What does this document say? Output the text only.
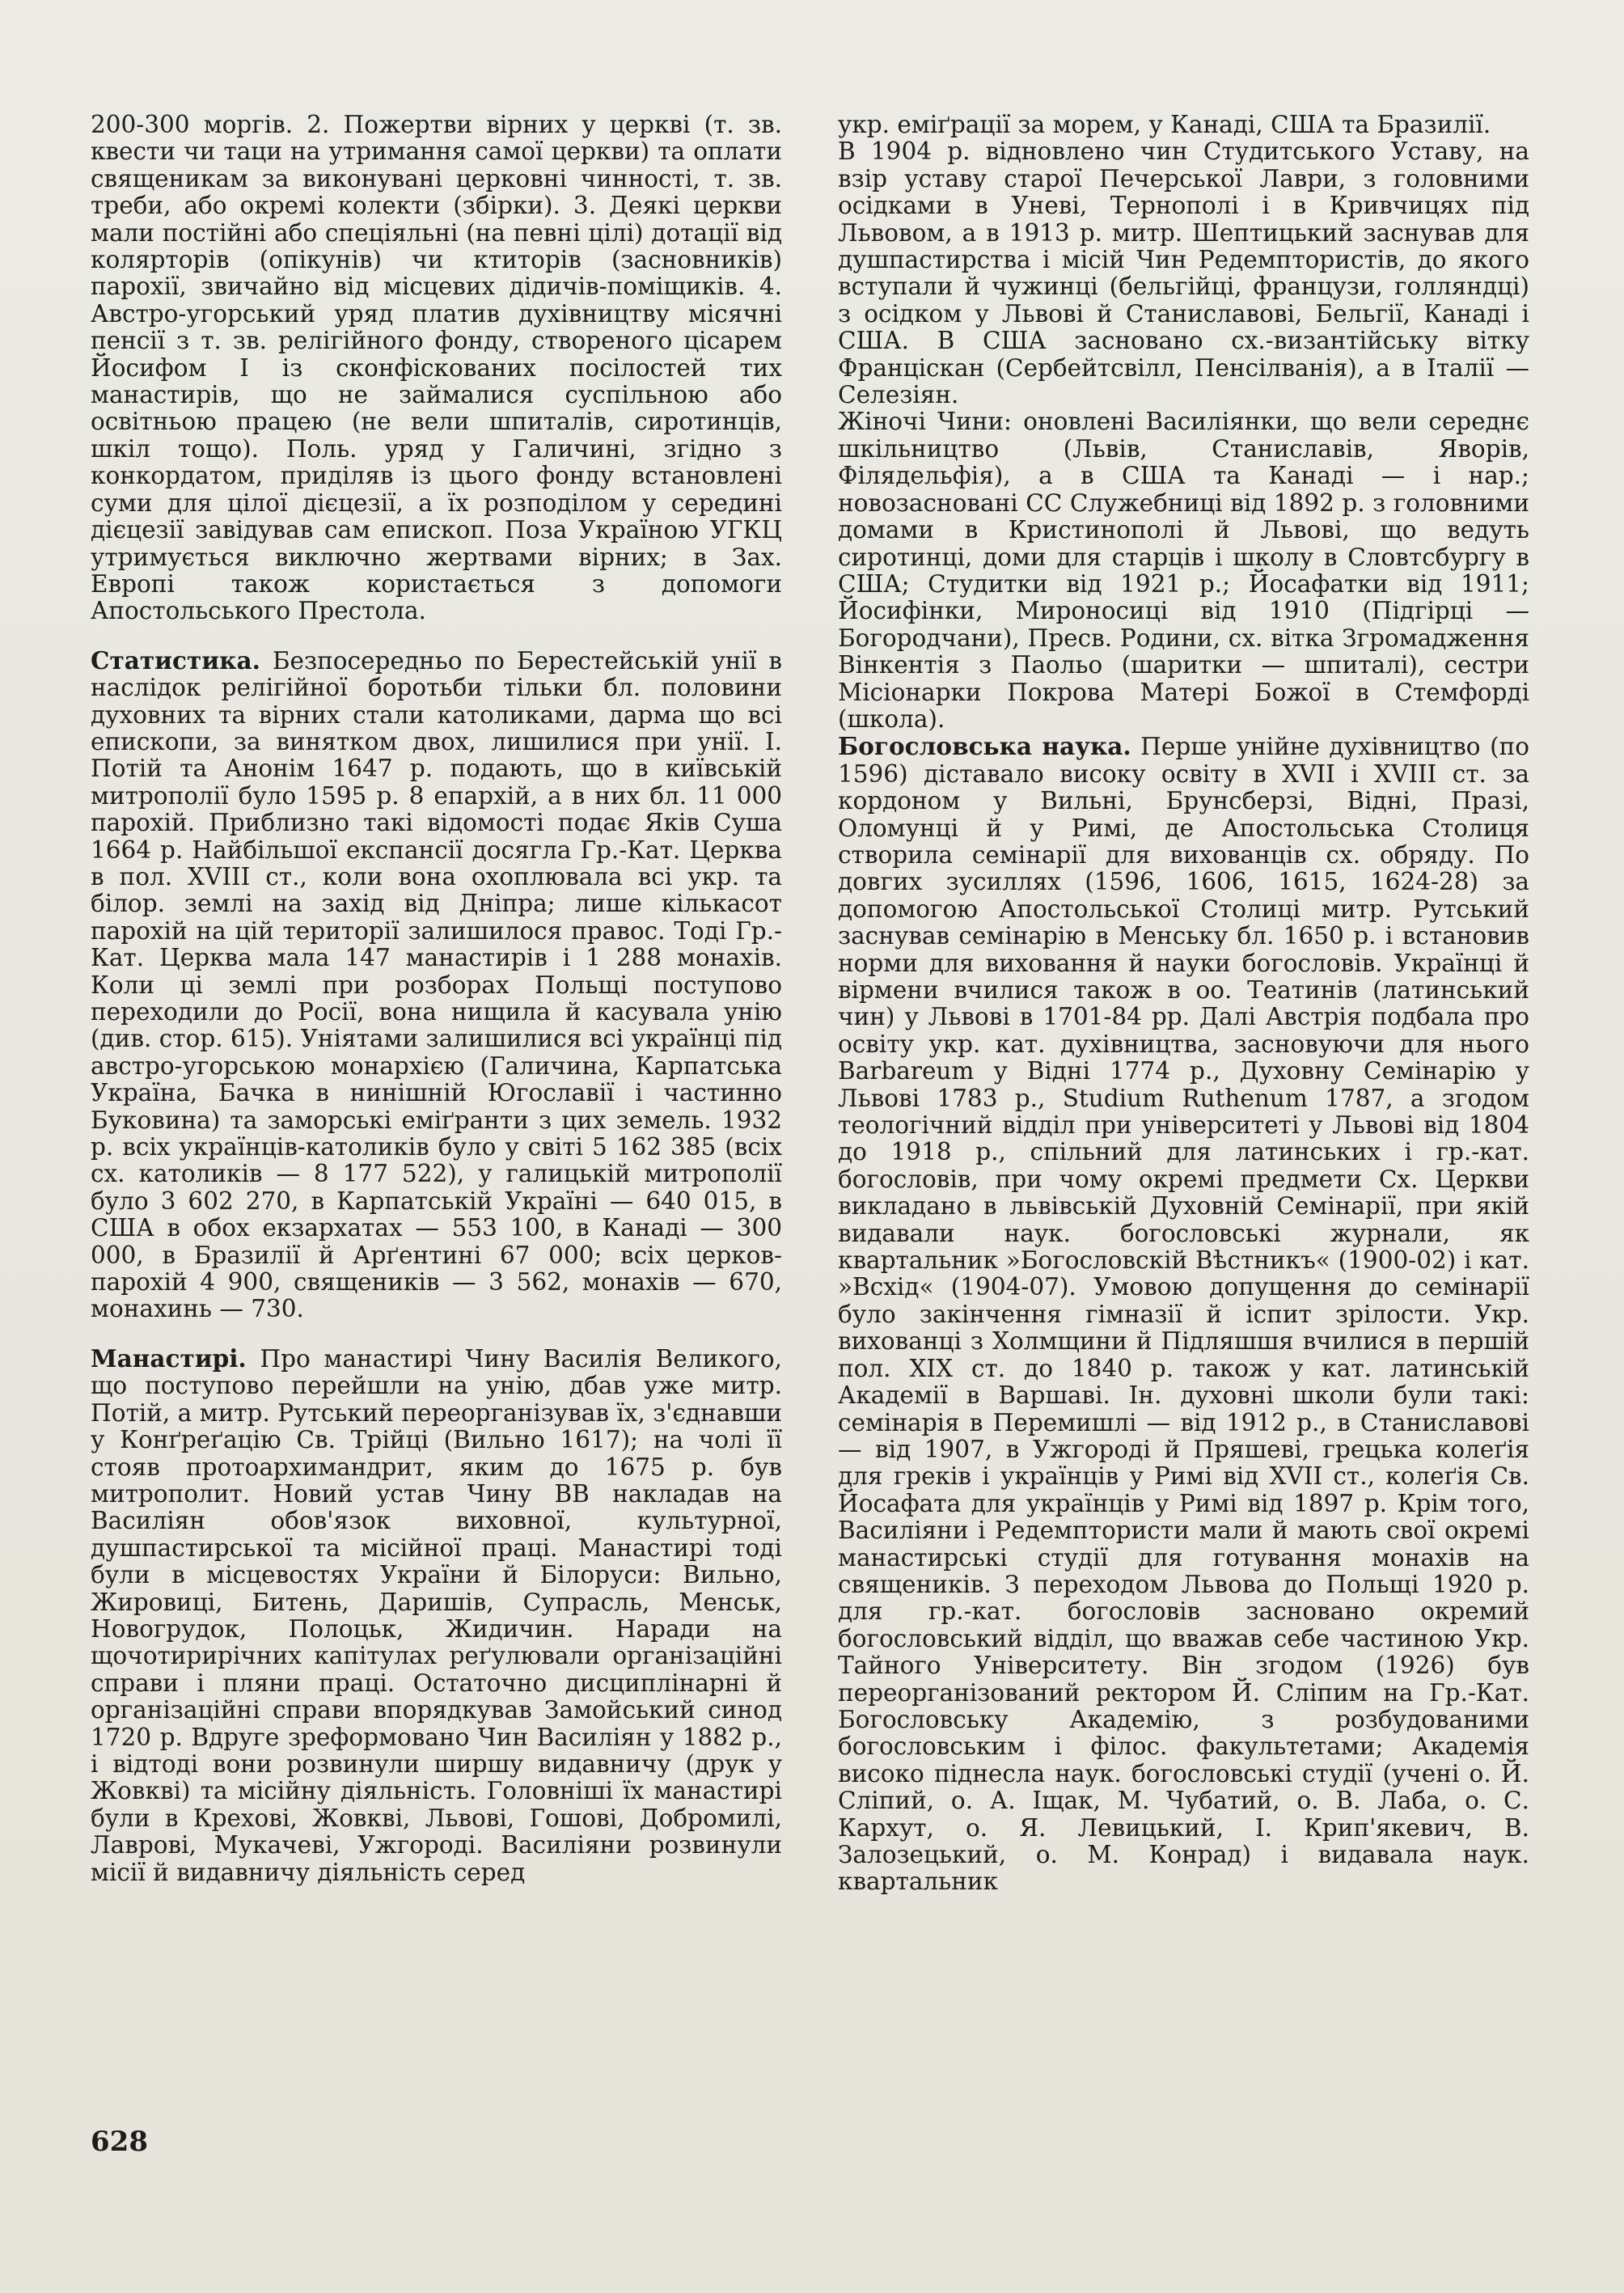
200-300 моргів. 2. Пожертви вірних у церкві (т. зв. квести чи таци на утримання самої церкви) та оплати священикам за виконувані церковні чинності, т. зв. треби, або окремі колекти (збірки). 3. Деякі церкви мали постійні або спеціяльні (на певні цілі) дотації від колярторів (опікунів) чи ктиторів (засновників) парохії, звичайно від місцевих дідичів-поміщиків. 4. Австро-угорський уряд платив духівництву місячні пенсії з т. зв. релігійного фонду, створеного цісарем Йосифом I із сконфіскованих посілостей тих манастирів, що не займалися суспільною або освітньою працею (не вели шпиталів, сиротинців, шкіл тощо). Поль. уряд у Галичині, згідно з конкордатом, приділяв із цього фонду встановлені суми для цілої дієцезії, а їх розподілом у середині дієцезії завідував сам епископ. Поза Україною УГКЦ утримується виключно жертвами вірних; в Зах. Европі також користається з допомоги Апостольського Престола.

Статистика. Безпосередньо по Берестейській унії в наслідок релігійної боротьби тільки бл. половини духовних та вірних стали католиками, дарма що всі епископи, за винятком двох, лишилися при унії. I. Потій та Анонім 1647 р. подають, що в київській митрополії було 1595 р. 8 епархій, а в них бл. 11 000 парохій. Приблизно такі відомості подає Яків Суша 1664 р. Найбільшої експансії досягла Гр.-Кат. Церква в пол. XVIII ст., коли вона охоплювала всі укр. та білор. землі на захід від Дніпра; лише кількасот парохій на цій території залишилося правос. Тоді Гр.-Кат. Церква мала 147 манастирів і 1 288 монахів. Коли ці землі при розборах Польщі поступово переходили до Росії, вона нищила й касувала унію (див. стор. 615). Уніятами залишилися всі українці під австро-угорською монархією (Галичина, Карпатська Україна, Бачка в нинішній Югославії і частинно Буковина) та заморські еміґранти з цих земель. 1932 р. всіх українців-католиків було у світі 5 162 385 (всіх сх. католиків — 8 177 522), у галицькій митрополії було 3 602 270, в Карпатській Україні — 640 015, в США в обох екзархатах — 553 100, в Канаді — 300 000, в Бразилії й Арґентині 67 000; всіх церков-парохій 4 900, священиків — 3 562, монахів — 670, монахинь — 730.

Манастирі. Про манастирі Чину Василія Великого, що поступово перейшли на унію, дбав уже митр. Потій, а митр. Рутський переорганізував їх, з'єднавши у Конґреґацію Св. Трійці (Вильно 1617); на чолі її стояв протоархимандрит, яким до 1675 р. був митрополит. Новий устав Чину ВВ накладав на Василіян обов'язок виховної, культурної, душпастирської та місійної праці. Манастирі тоді були в місцевостях України й Білоруси: Вильно, Жировиці, Битень, Даришів, Супрасль, Менськ, Новогрудок, Полоцьк, Жидичин. Наради на щочотирирічних капітулах реґулювали організаційні справи і пляни праці. Остаточно дисциплінарні й організаційні справи впорядкував Замойський синод 1720 р. Вдруге зреформовано Чин Василіян у 1882 р., і відтоді вони розвинули ширшу видавничу (друк у Жовкві) та місійну діяльність. Головніші їх манастирі були в Крехові, Жовкві, Львові, Гошові, Добромилі, Лаврові, Мукачеві, Ужгороді. Василіяни розвинули місії й видавничу діяльність серед

укр. еміґрації за морем, у Канаді, США та Бразилії.

В 1904 р. відновлено чин Студитського Уставу, на взір уставу старої Печерської Лаври, з головними осідками в Уневі, Тернополі і в Кривчицях під Львовом, а в 1913 р. митр. Шептицький заснував для душпастирства і місій Чин Редемптористів, до якого вступали й чужинці (бельгійці, французи, голляндці) з осідком у Львові й Станиславові, Бельгії, Канаді і США. В США засновано сх.-византійську вітку Францiскан (Сербейтсвілл, Пенсілванія), а в Італії — Селезіян.

Жіночі Чини: оновлені Василіянки, що вели середнє шкільництво (Львів, Станиславів, Яворів, Філядельфія), а в США та Канаді — і нар.; новозасновані СС Служебниці від 1892 р. з головними домами в Кристинополі й Львові, що ведуть сиротинці, доми для старців і школу в Словтсбургу в США; Студитки від 1921 р.; Йосафатки від 1911; Йосифінки, Мироносиці від 1910 (Підгірці — Богородчани), Пресв. Родини, сх. вітка Згромадження Вінкентія з Паольо (шаритки — шпиталі), сестри Місіонарки Покрова Матері Божої в Стемфорді (школа).

Богословська наука. Перше унійне духівництво (по 1596) діставало високу освіту в XVII і XVIII ст. за кордоном у Вильні, Брунсберзі, Відні, Празі, Оломунці й у Римі, де Апостольська Столиця створила семінарії для вихованців сх. обряду. По довгих зусиллях (1596, 1606, 1615, 1624-28) за допомогою Апостольської Столиці митр. Рутський заснував семінарію в Менську бл. 1650 р. і встановив норми для виховання й науки богословів. Українці й вірмени вчилися також в оо. Театинів (латинський чин) у Львові в 1701-84 рр. Далі Австрія подбала про освіту укр. кат. духівництва, засновуючи для нього Barbareum у Відні 1774 р., Духовну Семінарію у Львові 1783 р., Studium Ruthenum 1787, а згодом теологічний відділ при університеті у Львові від 1804 до 1918 р., спільний для латинських і гр.-кат. богословів, при чому окремі предмети Сх. Церкви викладано в львівській Духовній Семінарії, при якій видавали наук. богословські журнали, як квартальник »Богословскій Вѣстникъ« (1900-02) і кат. »Всхід« (1904-07). Умовою допущення до семінарії було закінчення гімназії й іспит зрілости. Укр. вихованці з Холмщини й Підляшшя вчилися в першій пол. XIX ст. до 1840 р. також у кат. латинській Академії в Варшаві. Ін. духовні школи були такі: семінарія в Перемишлі — від 1912 р., в Станиславові — від 1907, в Ужгороді й Пряшеві, грецька колеґія для греків і українців у Римі від XVII ст., колеґія Св. Йосафата для українців у Римі від 1897 р. Крім того, Василіяни і Редемптористи мали й мають свої окремі манастирські студії для готування монахів на священиків. З переходом Львова до Польщі 1920 р. для гр.-кат. богословів засновано окремий богословський відділ, що вважав себе частиною Укр. Тайного Університету. Він згодом (1926) був переорганізований ректором Й. Сліпим на Гр.-Кат. Богословську Академію, з розбудованими богословським і філос. факультетами; Академія високо піднесла наук. богословські студії (учені о. Й. Сліпий, о. А. Іщак, М. Чубатий, о. В. Лаба, о. С. Кархут, о. Я. Левицький, І. Крип'якевич, В. Залозецький, о. М. Конрад) і видавала наук. квартальник

628
